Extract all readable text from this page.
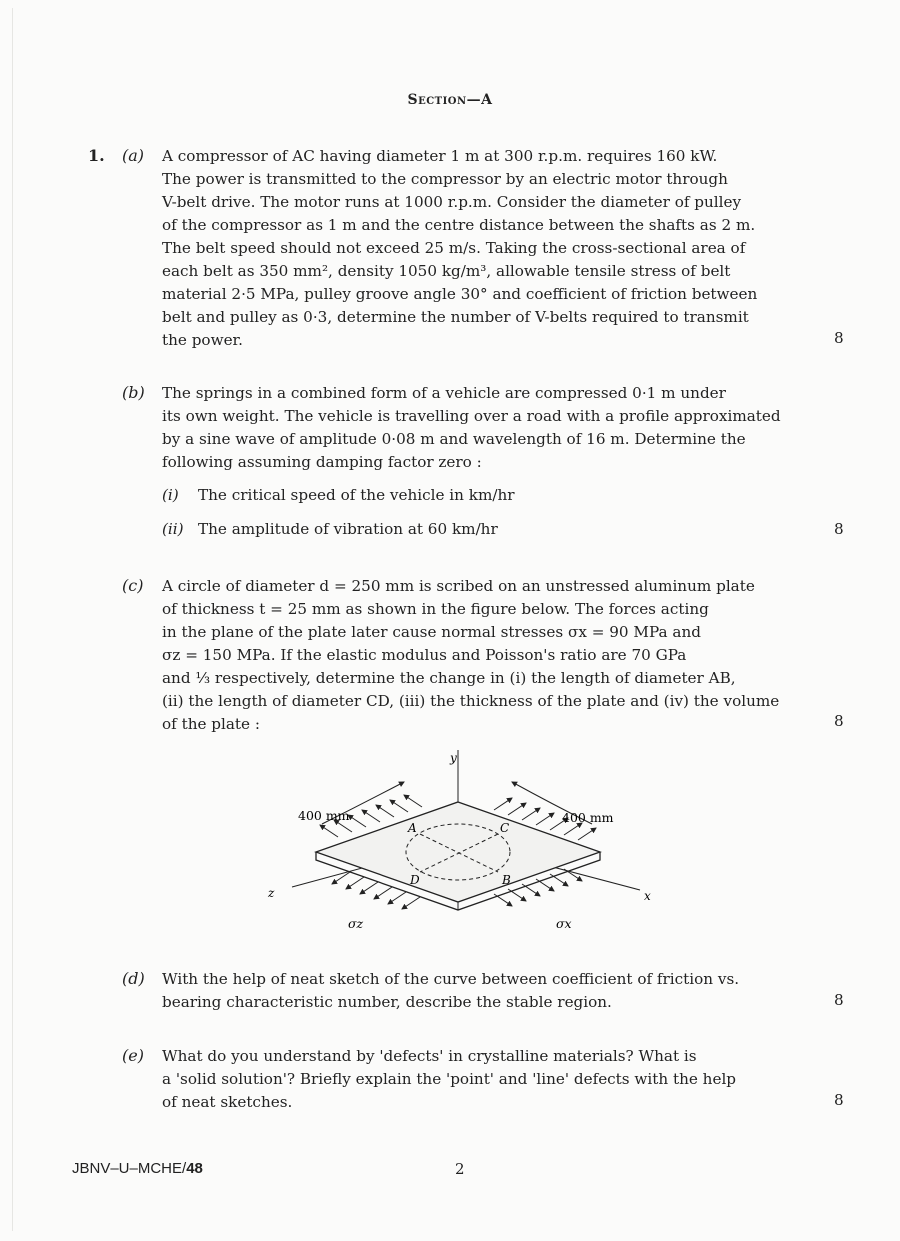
Section—A
1. (a) A compressor of AC having diameter 1 m at 300 r.p.m. requires 160 kW.
The power is transmitted to the compressor by an electric motor through
V-belt drive. The motor runs at 1000 r.p.m. Consider the diameter of pulley
of the compressor as 1 m and the centre distance between the shafts as 2 m.
The belt speed should not exceed 25 m/s. Taking the cross-sectional area of
each belt as 350 mm², density 1050 kg/m³, allowable tensile stress of belt
material 2·5 MPa, pulley groove angle 30° and coefficient of friction between
belt and pulley as 0·3, determine the number of V-belts required to transmit
the power.	8
(b) The springs in a combined form of a vehicle are compressed 0·1 m under
its own weight. The vehicle is travelling over a road with a profile approximated
by a sine wave of amplitude 0·08 m and wavelength of 16 m. Determine the
following assuming damping factor zero :
(i) The critical speed of the vehicle in km/hr
(ii) The amplitude of vibration at 60 km/hr	8
(c) A circle of diameter d = 250 mm is scribed on an unstressed aluminum plate
of thickness t = 25 mm as shown in the figure below. The forces acting
in the plane of the plate later cause normal stresses σx = 90 MPa and
σz = 150 MPa. If the elastic modulus and Poisson's ratio are 70 GPa
and ⅓ respectively, determine the change in (i) the length of diameter AB,
(ii) the length of diameter CD, (iii) the thickness of the plate and (iv) the volume
of the plate :	8
y
z	x
A	C
D	B
400 mm	400 mm
σz	σx
(d) With the help of neat sketch of the curve between coefficient of friction vs.
bearing characteristic number, describe the stable region.	8
(e) What do you understand by 'defects' in crystalline materials? What is
a 'solid solution'? Briefly explain the 'point' and 'line' defects with the help
of neat sketches.	8
JBNV–U–MCHE/48	2
